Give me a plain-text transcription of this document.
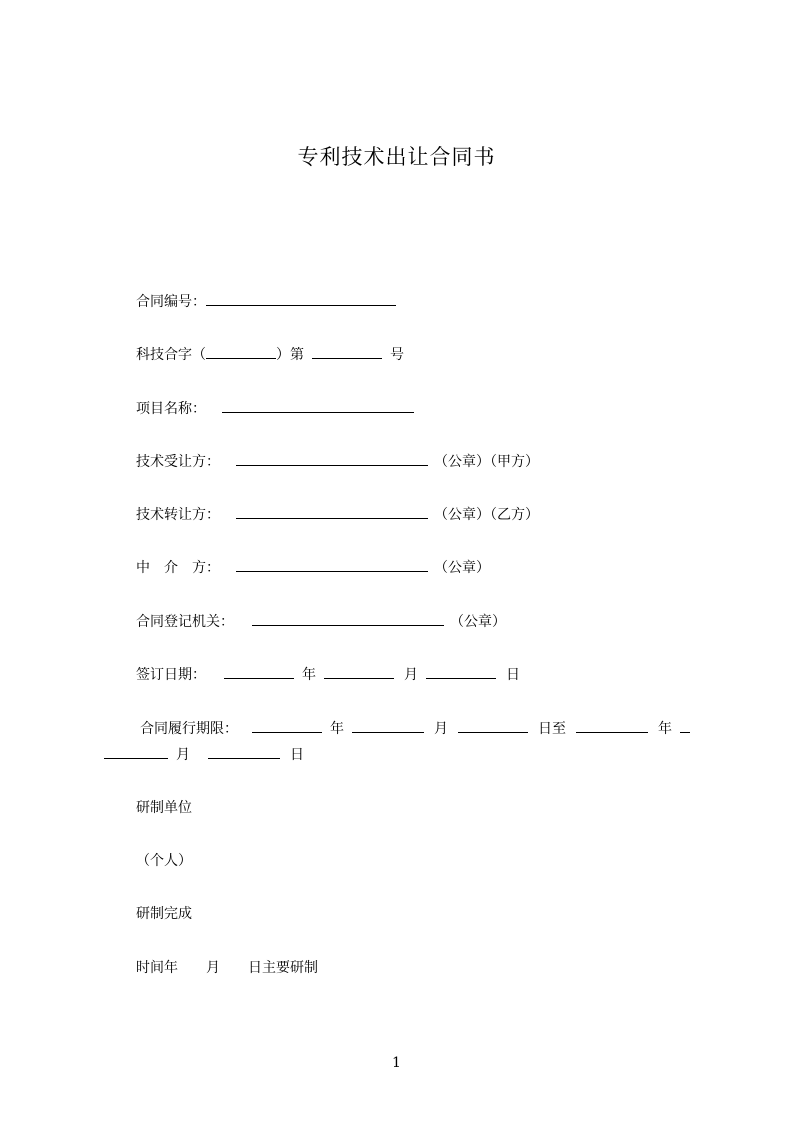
专利技术出让合同书
合同编号：
科技合字（	）第	号
项目名称：
技术受让方：	（公章）（甲方）
技术转让方：	（公章）（乙方）
中　介　方：	（公章）
合同登记机关：	（公章）
签订日期：	年	月	日
合同履行期限：	年	月	日至	年
月	日
研制单位
（个人）
研制完成
时间年　　月　　日主要研制
1
